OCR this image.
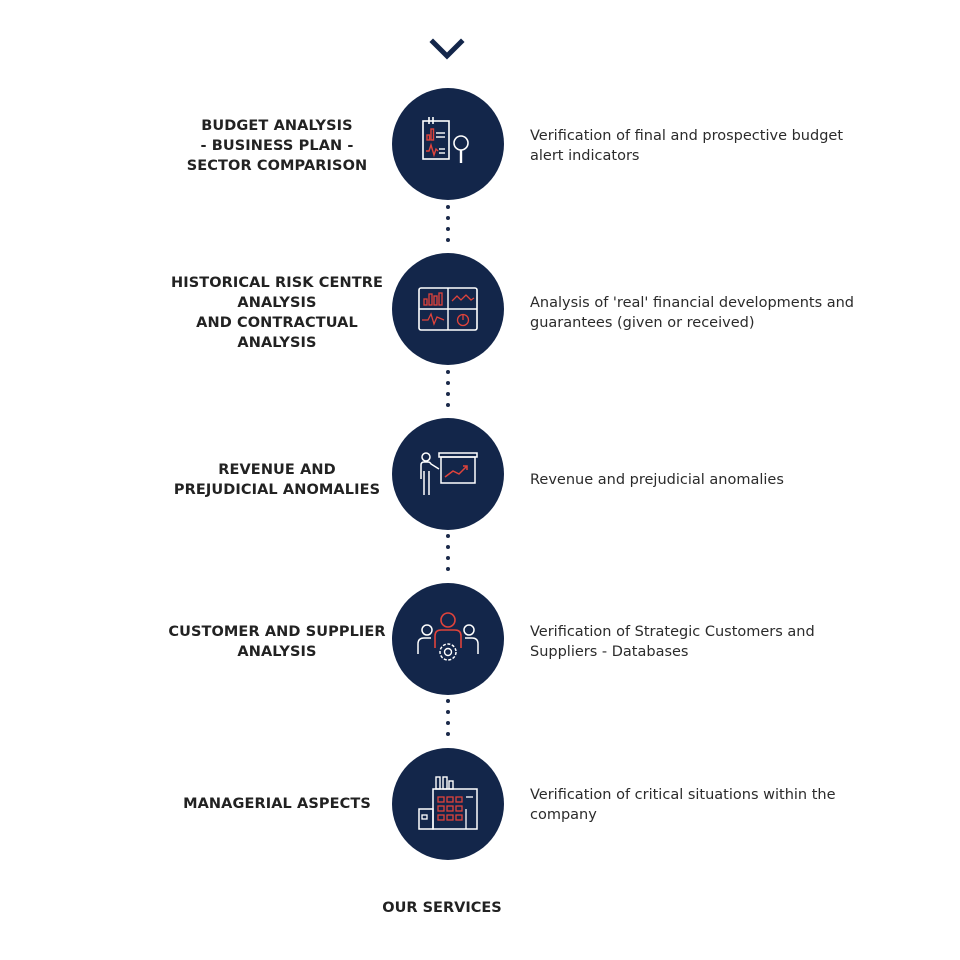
BUDGET ANALYSIS
- BUSINESS PLAN -
SECTOR COMPARISON
Verification of final and prospective budget alert indicators
HISTORICAL RISK CENTRE
ANALYSIS
AND CONTRACTUAL
ANALYSIS
Analysis of 'real' financial developments and guarantees (given or received)
REVENUE AND
PREJUDICIAL ANOMALIES
Revenue and prejudicial anomalies
CUSTOMER AND SUPPLIER
ANALYSIS
Verification of Strategic Customers and Suppliers - Databases
MANAGERIAL ASPECTS
Verification of critical situations within the company
OUR SERVICES
